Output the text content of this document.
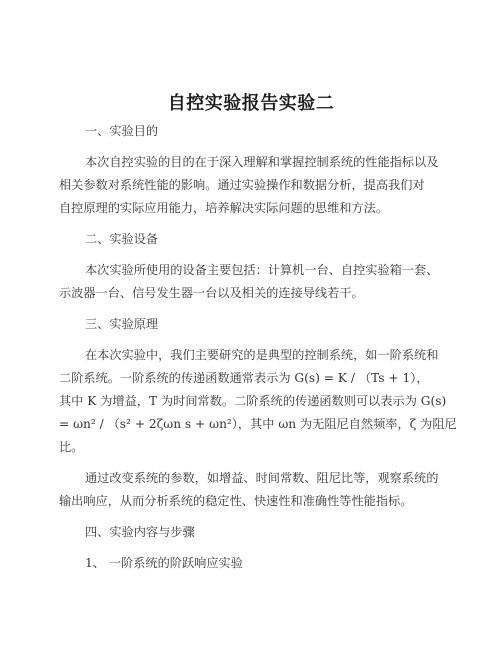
自控实验报告实验二
一、实验目的
本次自控实验的目的在于深入理解和掌握控制系统的性能指标以及
相关参数对系统性能的影响。通过实验操作和数据分析，提高我们对
自控原理的实际应用能力，培养解决实际问题的思维和方法。
二、实验设备
本次实验所使用的设备主要包括：计算机一台、自控实验箱一套、
示波器一台、信号发生器一台以及相关的连接导线若干。
三、实验原理
在本次实验中，我们主要研究的是典型的控制系统，如一阶系统和
二阶系统。一阶系统的传递函数通常表示为 G(s) = K / （Ts + 1），
其中 K 为增益，T 为时间常数。二阶系统的传递函数则可以表示为 G(s)
= ωn² / （s² + 2ζωn s + ωn²），其中 ωn 为无阻尼自然频率，ζ 为阻尼
比。
通过改变系统的参数，如增益、时间常数、阻尼比等，观察系统的
输出响应，从而分析系统的稳定性、快速性和准确性等性能指标。
四、实验内容与步骤
1、 一阶系统的阶跃响应实验
